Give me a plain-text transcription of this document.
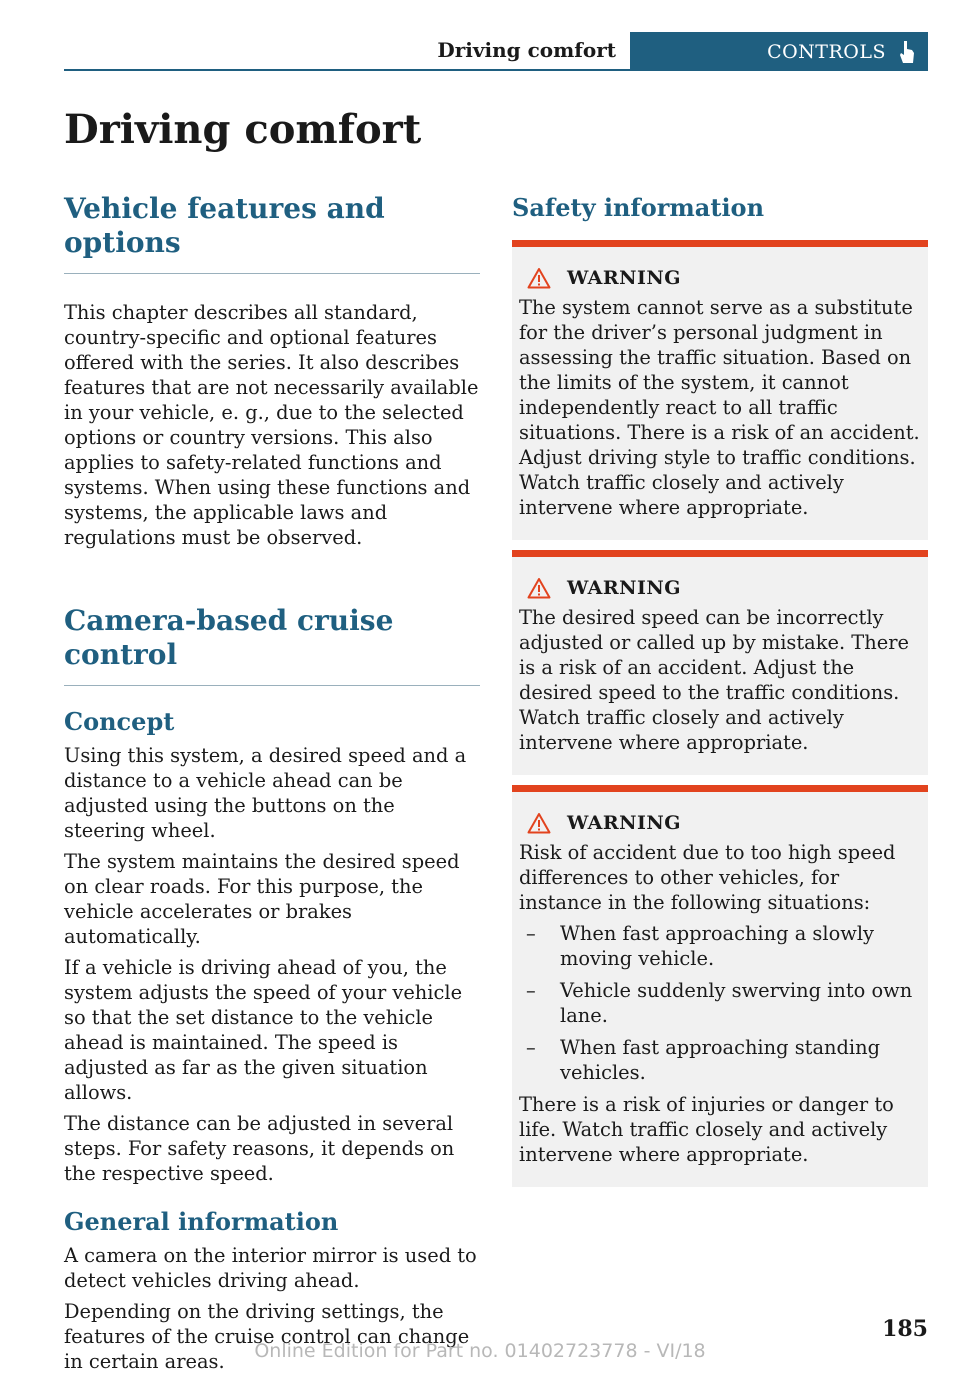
Driving comfort	CONTROLS
Driving comfort
Vehicle features and options

This chapter describes all standard, country-specific and optional features offered with the series. It also describes features that are not necessarily available in your vehicle, e. g., due to the selected options or country versions. This also applies to safety-related functions and systems. When using these functions and systems, the applicable laws and regulations must be observed.

Camera-based cruise control
Concept

Using this system, a desired speed and a distance to a vehicle ahead can be adjusted using the buttons on the steering wheel.

The system maintains the desired speed on clear roads. For this purpose, the vehicle accelerates or brakes automatically.

If a vehicle is driving ahead of you, the system adjusts the speed of your vehicle so that the set distance to the vehicle ahead is maintained. The speed is adjusted as far as the given situation allows.

The distance can be adjusted in several steps. For safety reasons, it depends on the respective speed.

General information

A camera on the interior mirror is used to detect vehicles driving ahead.

Depending on the driving settings, the features of the cruise control can change in certain areas.

Safety information
WARNING

The system cannot serve as a substitute for the driver’s personal judgment in assessing the traffic situation. Based on the limits of the system, it cannot independently react to all traffic situations. There is a risk of an accident. Adjust driving style to traffic conditions. Watch traffic closely and actively intervene where appropriate.

WARNING

The desired speed can be incorrectly adjusted or called up by mistake. There is a risk of an accident. Adjust the desired speed to the traffic conditions. Watch traffic closely and actively intervene where appropriate.

WARNING

Risk of accident due to too high speed differences to other vehicles, for instance in the following situations:

– When fast approaching a slowly moving vehicle.
– Vehicle suddenly swerving into own lane.
– When fast approaching standing vehicles.

There is a risk of injuries or danger to life. Watch traffic closely and actively intervene where appropriate.

185
Online Edition for Part no. 01402723778 - VI/18
